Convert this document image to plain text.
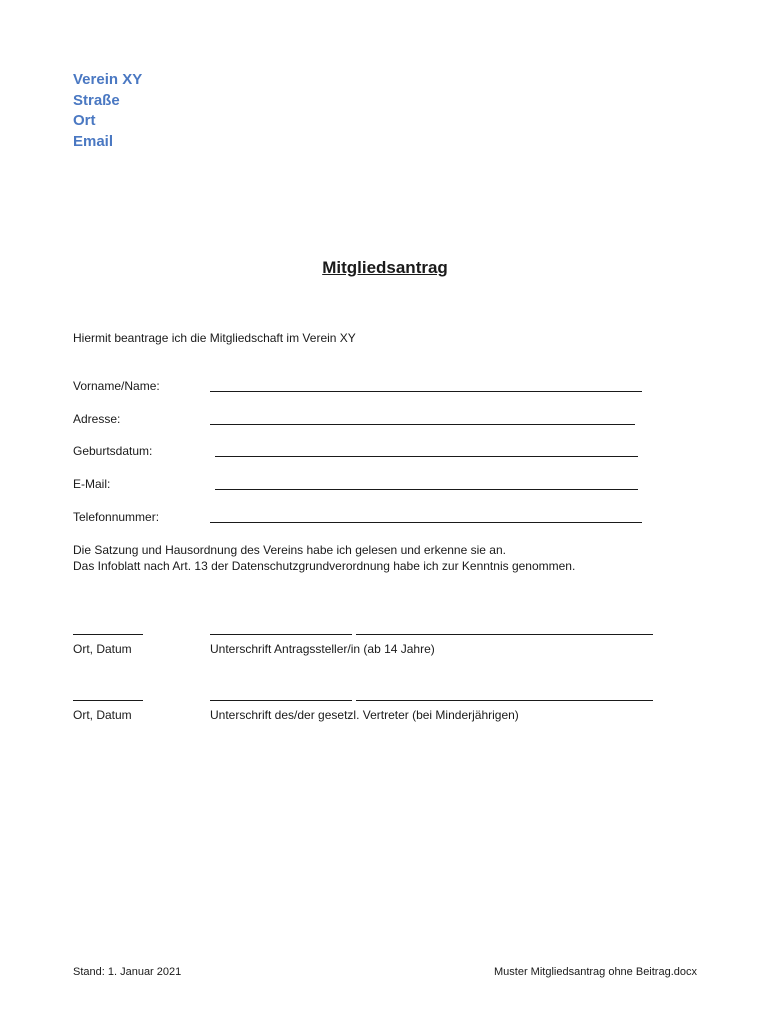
Verein XY
Straße
Ort
Email
Mitgliedsantrag
Hiermit beantrage ich die Mitgliedschaft im Verein XY
Vorname/Name:
Adresse:
Geburtsdatum:
E-Mail:
Telefonnummer:
Die Satzung und Hausordnung des Vereins habe ich gelesen und erkenne sie an.
Das Infoblatt nach Art. 13 der Datenschutzgrundverordnung habe ich zur Kenntnis genommen.
Ort, Datum	Unterschrift Antragssteller/in (ab 14 Jahre)
Ort, Datum	Unterschrift des/der gesetzl. Vertreter (bei Minderjährigen)
Stand: 1. Januar 2021	Muster Mitgliedsantrag ohne Beitrag.docx
